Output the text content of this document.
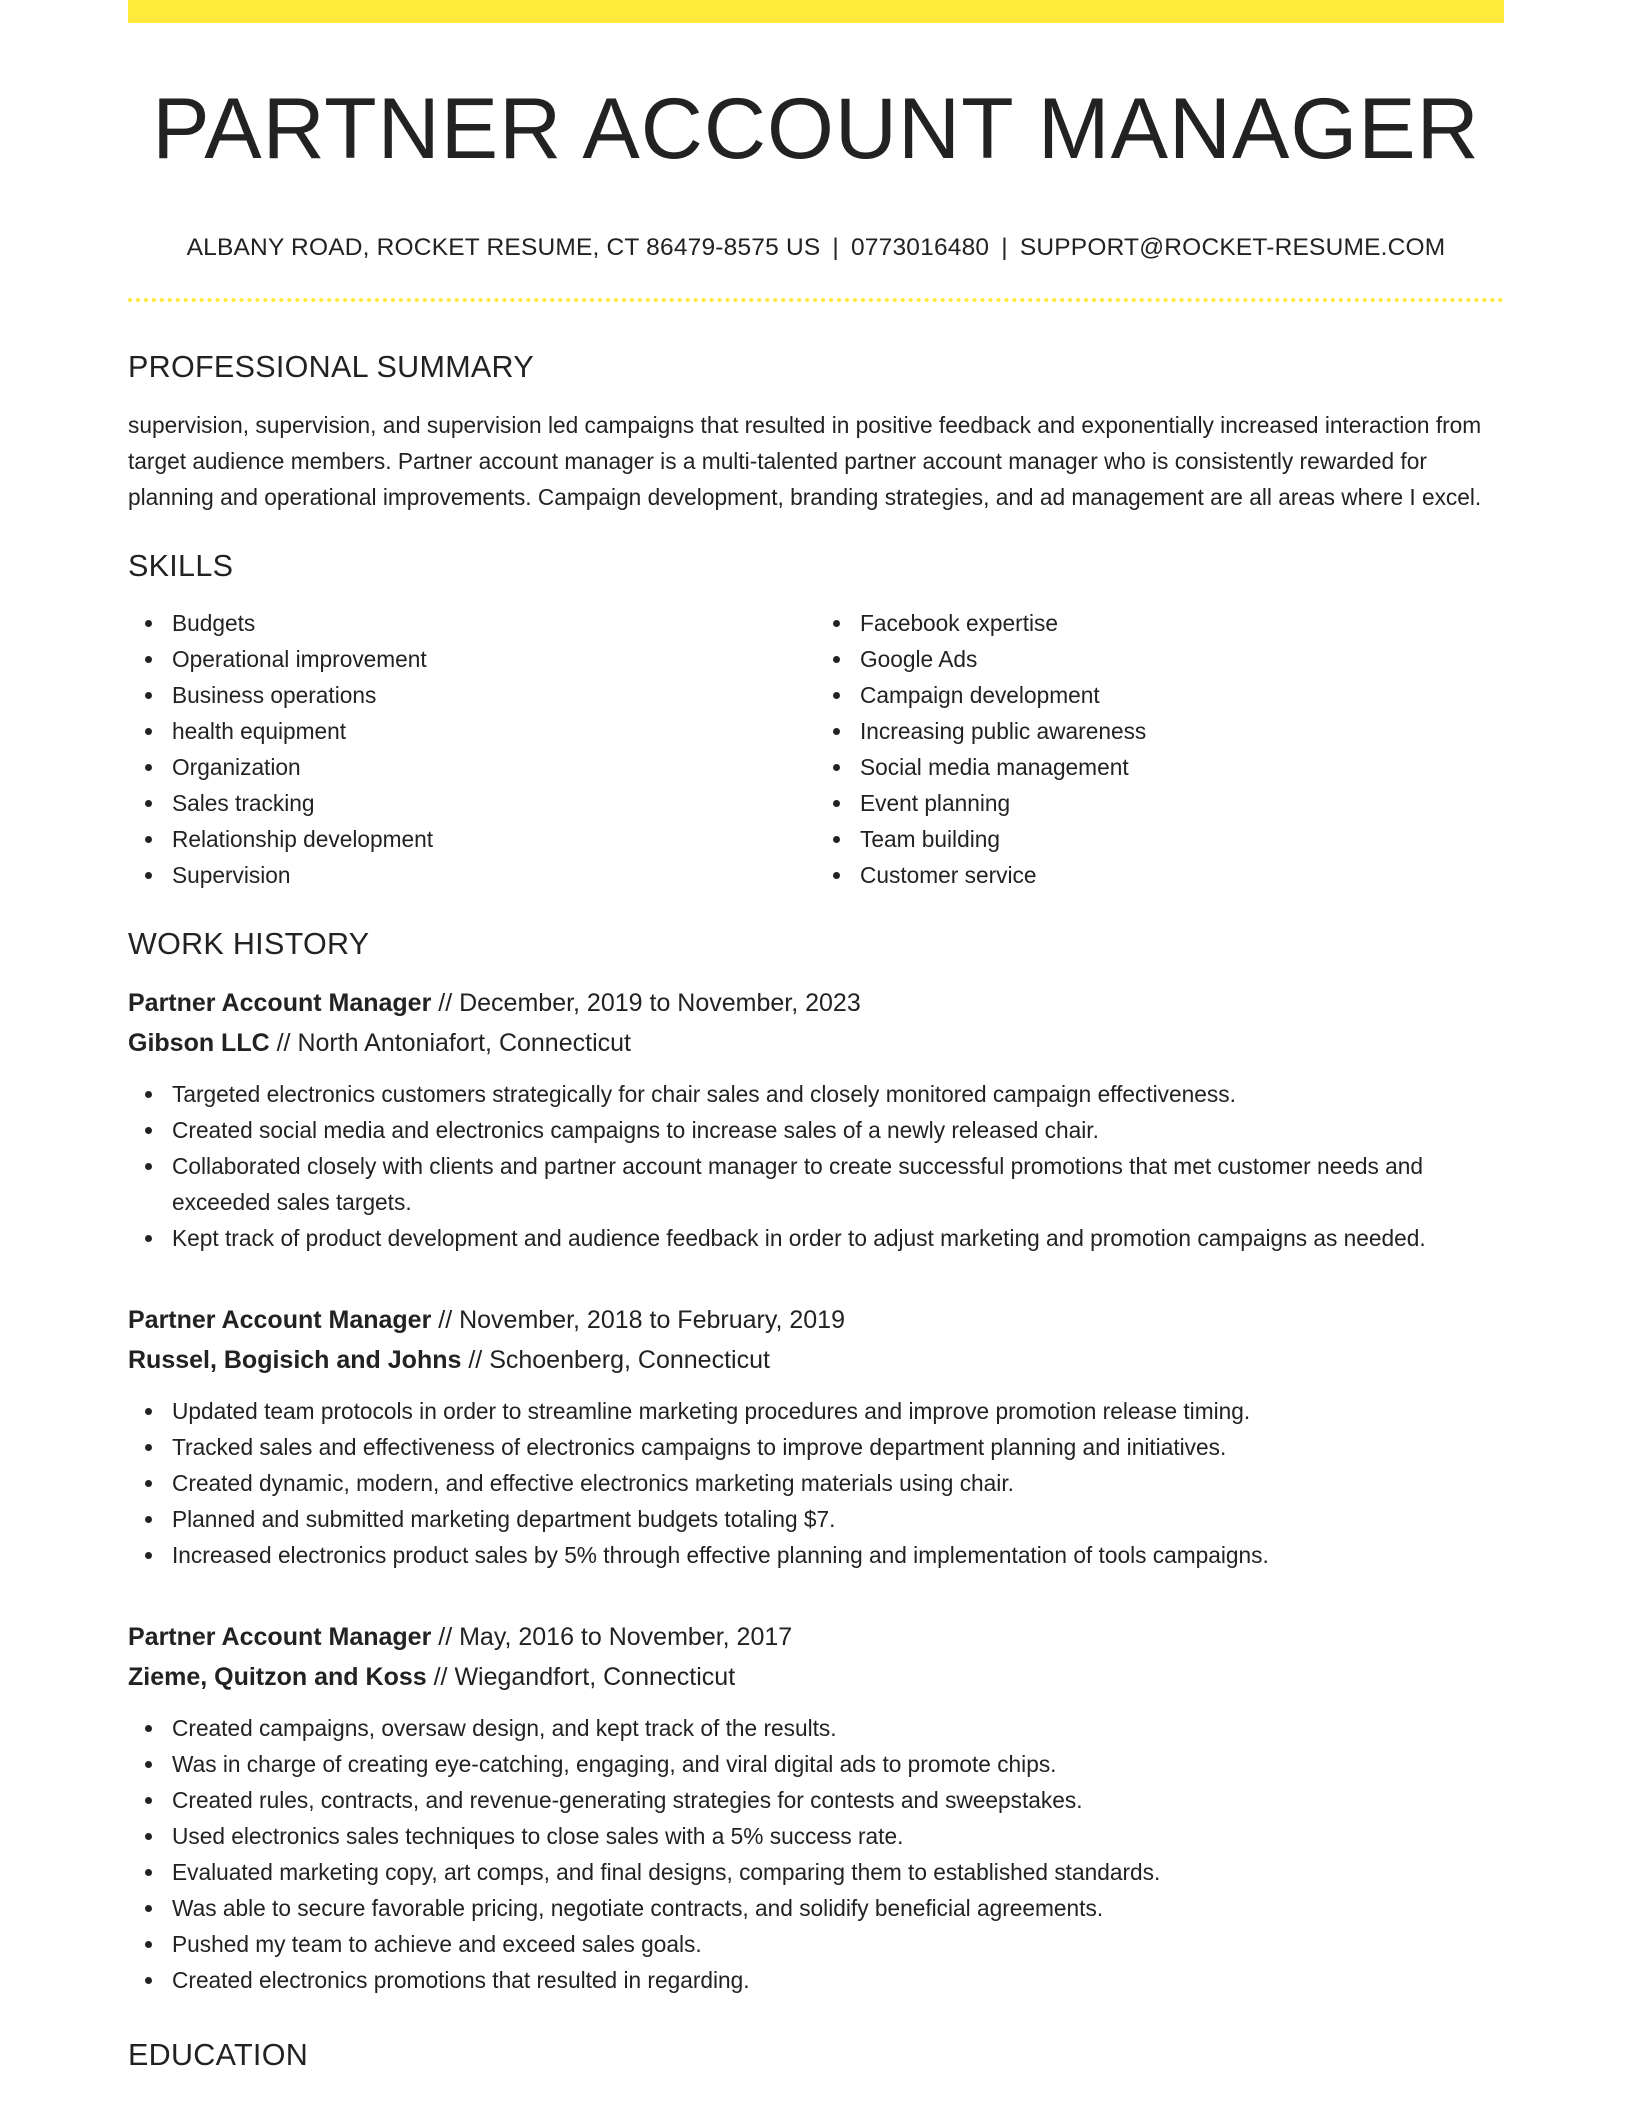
PARTNER ACCOUNT MANAGER
ALBANY ROAD, ROCKET RESUME, CT 86479-8575 US | 0773016480 | SUPPORT@ROCKET-RESUME.COM
PROFESSIONAL SUMMARY

supervision, supervision, and supervision led campaigns that resulted in positive feedback and exponentially increased interaction from target audience members. Partner account manager is a multi-talented partner account manager who is consistently rewarded for planning and operational improvements. Campaign development, branding strategies, and ad management are all areas where I excel.

SKILLS
Budgets
Operational improvement
Business operations
health equipment
Organization
Sales tracking
Relationship development
Supervision
Facebook expertise
Google Ads
Campaign development
Increasing public awareness
Social media management
Event planning
Team building
Customer service
WORK HISTORY
Partner Account Manager // December, 2019 to November, 2023
Gibson LLC // North Antoniafort, Connecticut
Targeted electronics customers strategically for chair sales and closely monitored campaign effectiveness.
Created social media and electronics campaigns to increase sales of a newly released chair.
Collaborated closely with clients and partner account manager to create successful promotions that met customer needs and exceeded sales targets.
Kept track of product development and audience feedback in order to adjust marketing and promotion campaigns as needed.
Partner Account Manager // November, 2018 to February, 2019
Russel, Bogisich and Johns // Schoenberg, Connecticut
Updated team protocols in order to streamline marketing procedures and improve promotion release timing.
Tracked sales and effectiveness of electronics campaigns to improve department planning and initiatives.
Created dynamic, modern, and effective electronics marketing materials using chair.
Planned and submitted marketing department budgets totaling $7.
Increased electronics product sales by 5% through effective planning and implementation of tools campaigns.
Partner Account Manager // May, 2016 to November, 2017
Zieme, Quitzon and Koss // Wiegandfort, Connecticut
Created campaigns, oversaw design, and kept track of the results.
Was in charge of creating eye-catching, engaging, and viral digital ads to promote chips.
Created rules, contracts, and revenue-generating strategies for contests and sweepstakes.
Used electronics sales techniques to close sales with a 5% success rate.
Evaluated marketing copy, art comps, and final designs, comparing them to established standards.
Was able to secure favorable pricing, negotiate contracts, and solidify beneficial agreements.
Pushed my team to achieve and exceed sales goals.
Created electronics promotions that resulted in regarding.
EDUCATION
